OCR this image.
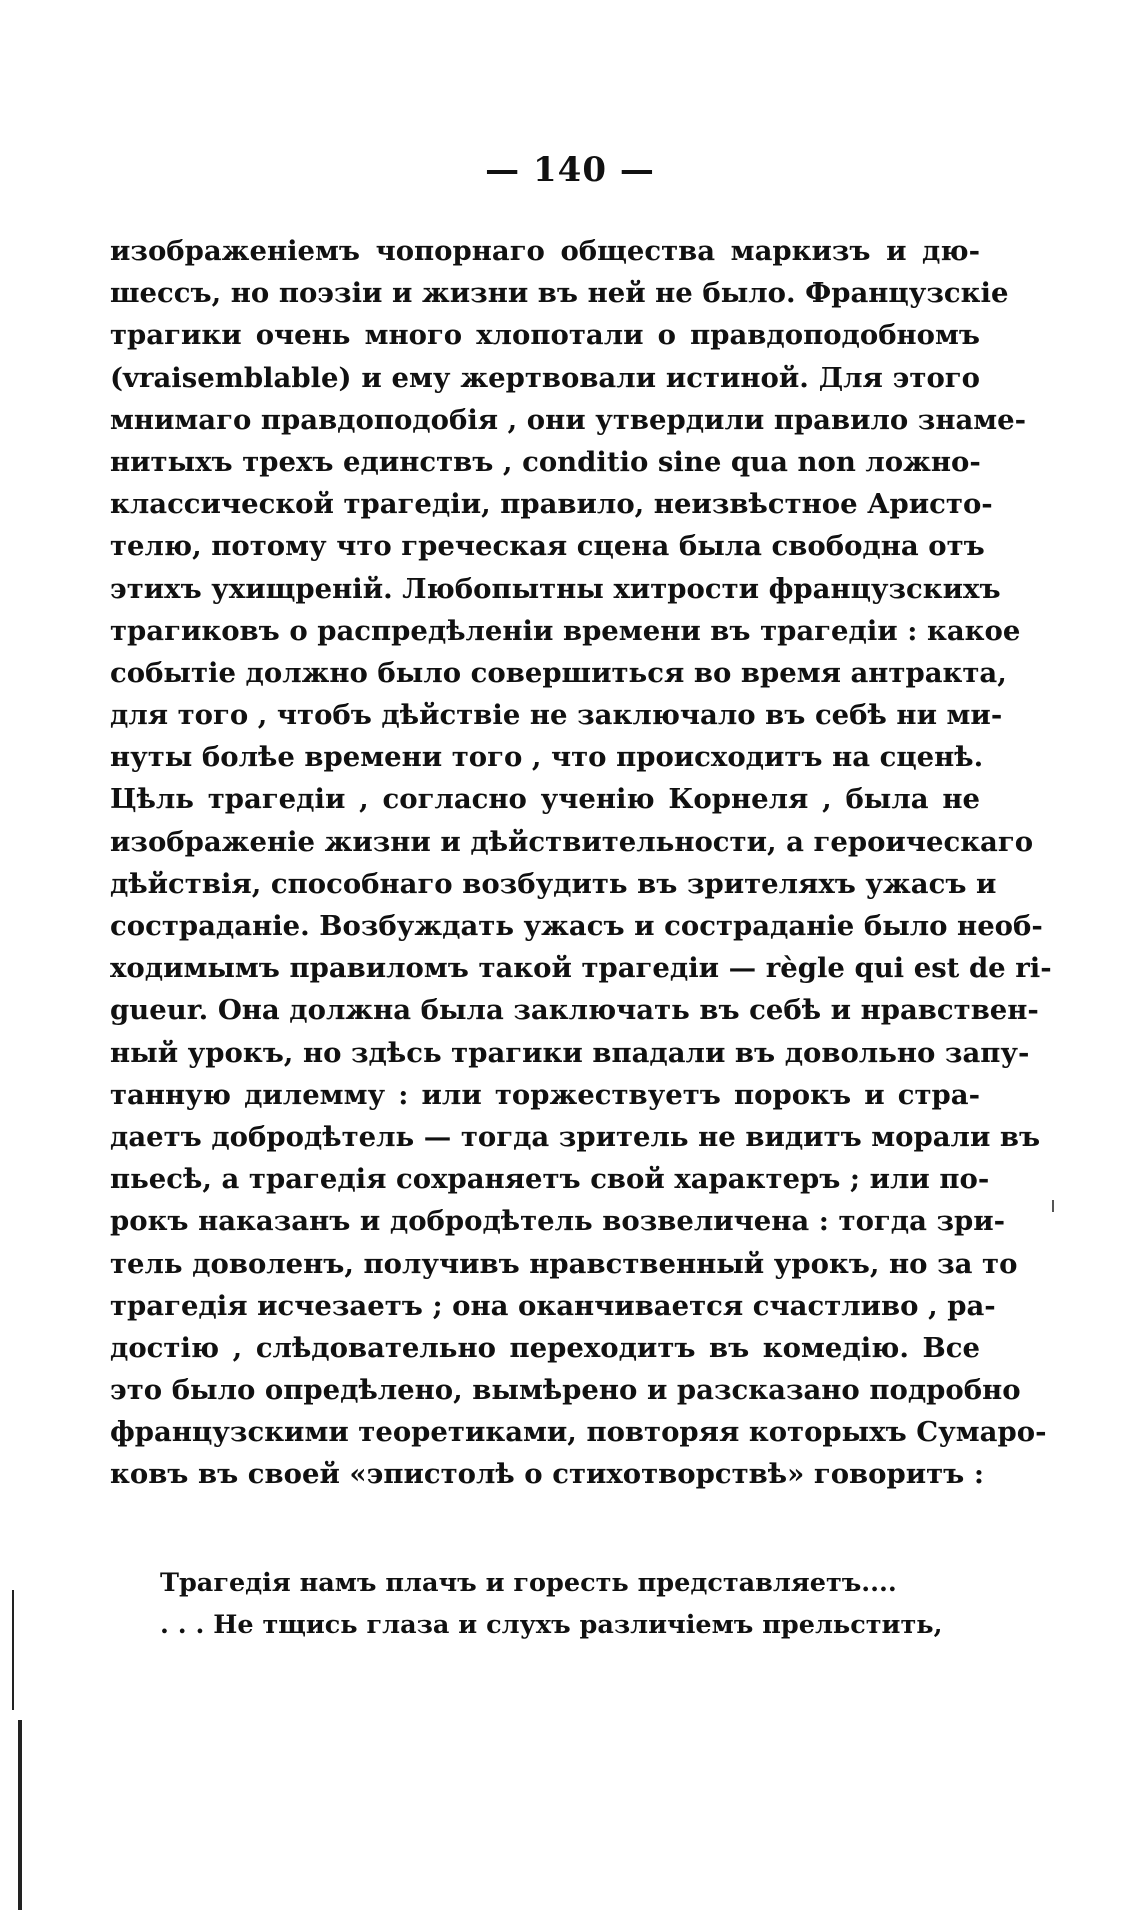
— 140 —
изображеніемъ чопорнаго общества маркизъ и дю-
шессъ, но поэзіи и жизни въ ней не было. Французскіе
трагики очень много хлопотали о правдоподобномъ
(vraisemblable) и ему жертвовали истиной. Для этого
мнимаго правдоподобія , они утвердили правило знаме-
нитыхъ трехъ единствъ , conditio sine qua non ложно-
классической трагедіи, правило, неизвѣстное Аристо-
телю, потому что греческая сцена была свободна отъ
этихъ ухищреній. Любопытны хитрости французскихъ
трагиковъ о распредѣленіи времени въ трагедіи : какое
событіе должно было совершиться во время антракта,
для того , чтобъ дѣйствіе не заключало въ себѣ ни ми-
нуты болѣе времени того , что происходитъ на сценѣ.
Цѣль трагедіи , согласно ученію Корнеля , была не
изображеніе жизни и дѣйствительности, а героическаго
дѣйствія, способнаго возбудить въ зрителяхъ ужасъ и
состраданіе. Возбуждать ужасъ и состраданіе было необ-
ходимымъ правиломъ такой трагедіи — règle qui est de ri-
gueur. Она должна была заключать въ себѣ и нравствен-
ный урокъ, но здѣсь трагики впадали въ довольно запу-
танную дилемму : или торжествуетъ порокъ и стра-
даетъ добродѣтель — тогда зритель не видитъ морали въ
пьесѣ, а трагедія сохраняетъ свой характеръ ; или по-
рокъ наказанъ и добродѣтель возвеличена : тогда зри-
тель доволенъ, получивъ нравственный урокъ, но за то
трагедія исчезаетъ ; она оканчивается счастливо , ра-
достію , слѣдовательно переходитъ въ комедію. Все
это было опредѣлено, вымѣрено и разсказано подробно
французскими теоретиками, повторяя которыхъ Сумаро-
ковъ въ своей «эпистолѣ о стихотворствѣ» говоритъ :
Трагедія намъ плачъ и горесть представляетъ....
. . . Не тщись глаза и слухъ различіемъ прельстить,
